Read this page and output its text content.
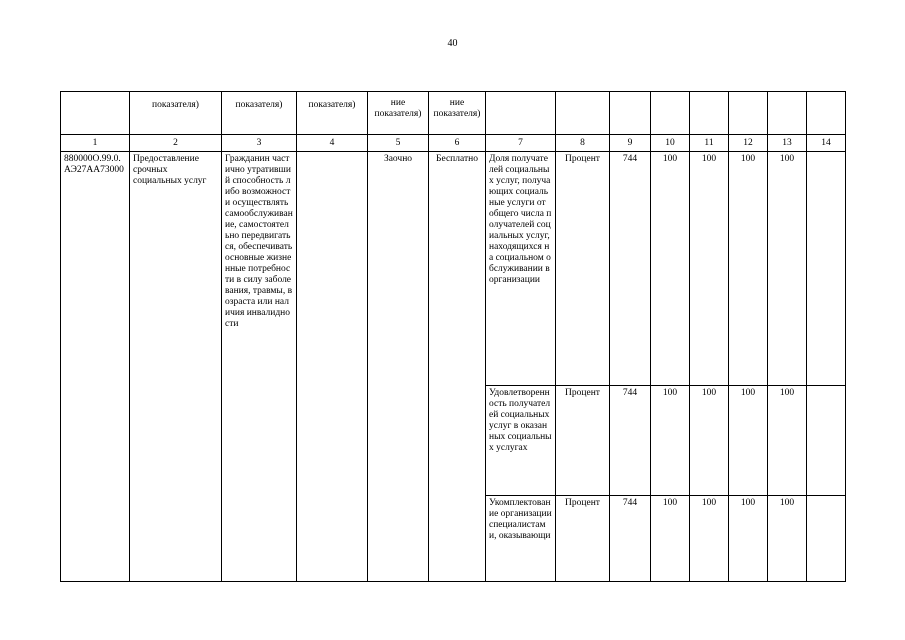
40
	показателя)	показателя)	показателя)	ние показателя)	ние показателя)								
1	2	3	4	5	6	7	8	9	10	11	12	13	14
880000О.99.0.АЭ27АА73000	Предоставление срочных социальных услуг	Гражданин частично утративший способность либо возможности осуществлять самообслуживание, самостоятельно передвигаться, обеспечивать основные жизненные потребности в силу заболевания, травмы, возраста или наличия инвалидности		Заочно	Бесплатно	Доля получателей социальных услуг, получающих социальные услуги от общего числа получателей социальных услуг, находящихся на социальном обслуживании в организации	Процент	744	100	100	100	100	
						Удовлетворенность получателей социальных услуг в оказанных социальных услугах	Процент	744	100	100	100	100	
						Укомплектование организации специалистами, оказывающи	Процент	744	100	100	100	100	
